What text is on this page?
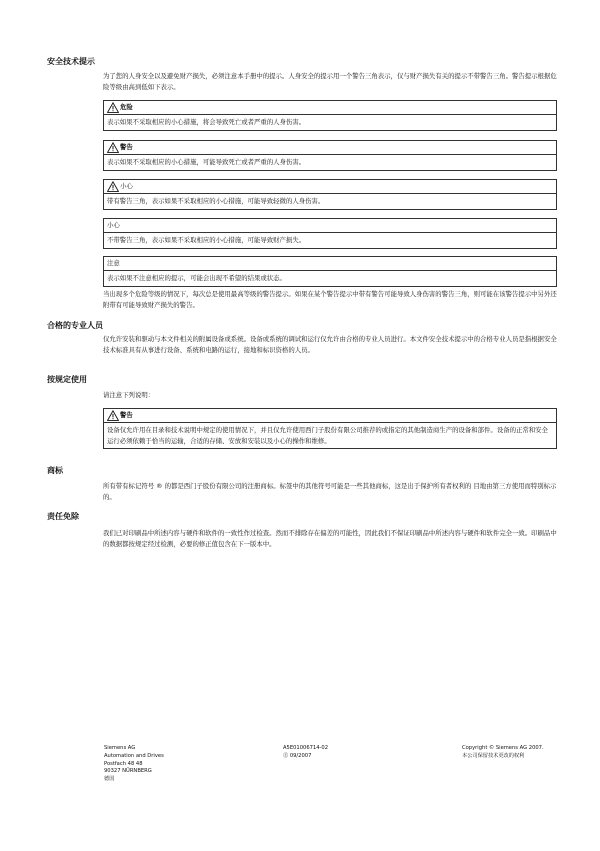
安全技术提示

为了您的人身安全以及避免财产损失，必须注意本手册中的提示。人身安全的提示用一个警告三角表示，仅与财产损失有关的提示不带警告三角。警告提示根据危险等级由高到低如下表示。

危险
表示如果不采取相应的小心措施，将会导致死亡或者严重的人身伤害。
警告
表示如果不采取相应的小心措施，可能导致死亡或者严重的人身伤害。
小心
带有警告三角，表示如果不采取相应的小心措施，可能导致轻微的人身伤害。
小心
不带警告三角，表示如果不采取相应的小心措施，可能导致财产损失。
注意
表示如果不注意相应的提示，可能会出现不希望的结果或状态。

当出现多个危险等级的情况下，每次总是使用最高等级的警告提示。如果在某个警告提示中带有警告可能导致人身伤害的警告三角，则可能在该警告提示中另外还附带有可能导致财产损失的警告。

合格的专业人员

仅允许安装和驱动与本文件相关的附属设备或系统。设备或系统的调试和运行仅允许由合格的专业人员进行。本文件安全技术提示中的合格专业人员是指根据安全技术标准具有从事进行设备、系统和电路的运行，接地和标识资格的人员。

按规定使用

请注意下列说明：

警告
设备仅允许用在目录和技术说明中规定的使用情况下，并且仅允许使用西门子股份有限公司推荐的或指定的其他制造商生产的设备和部件。设备的正常和安全运行必须依赖于恰当的运输，合适的存储、安放和安装以及小心的操作和维修。
商标

所有带有标记符号 ® 的都是西门子股份有限公司的注册商标。标签中的其他符号可能是一些其他商标，这是出于保护所有者权利的 目地由第三方使用而特别标示的。

责任免除

我们已对印刷品中所述内容与硬件和软件的一致性作过检查。然而不排除存在偏差的可能性，因此我们不保证印刷品中所述内容与硬件和软件完全一致。印刷品中的数据都按规定经过检测，必要的修正值包含在下一版本中。

Siemens AG
Automation and Drives
Postfach 48 48
90327 NÜRNBERG
德国
A5E01006714-02
Ⓔ 09/2007
Copyright © Siemens AG 2007.
本公司保留技术更改的权利
